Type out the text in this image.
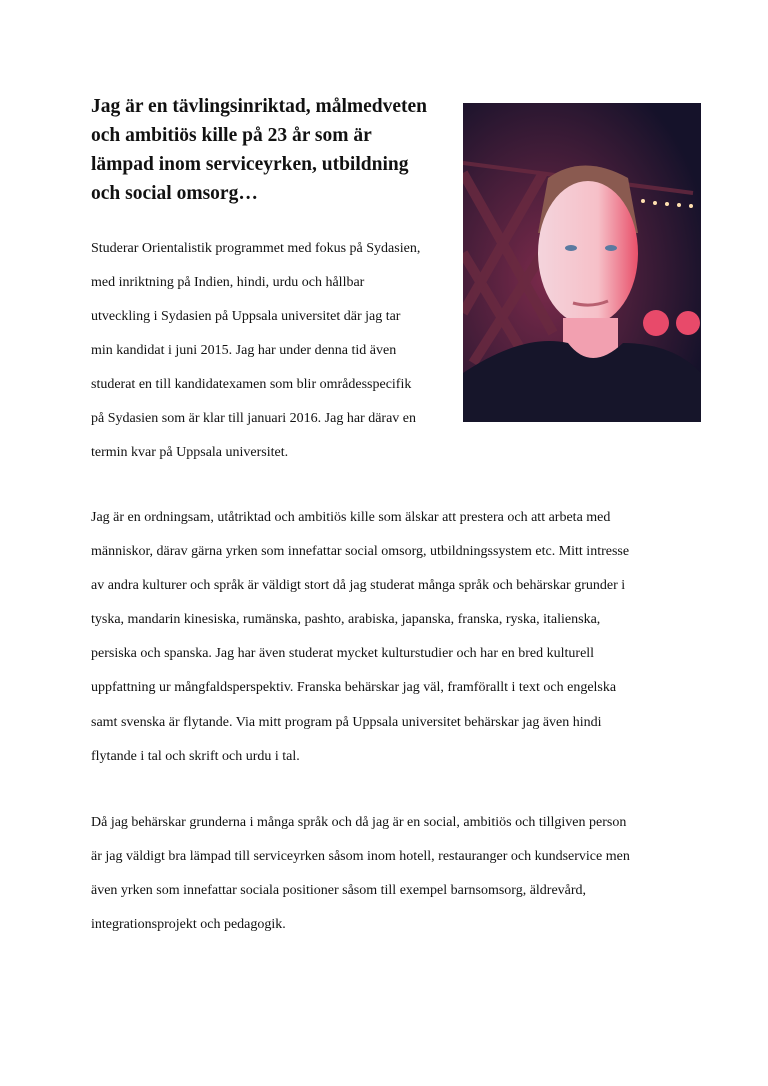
Jag är en tävlingsinriktad, målmedveten
och ambitiös kille på 23 år som är
lämpad inom serviceyrken, utbildning
och social omsorg…
Studerar Orientalistik programmet med fokus på Sydasien,
med inriktning på Indien, hindi, urdu och hållbar
utveckling i Sydasien på Uppsala universitet där jag tar
min kandidat i juni 2015. Jag har under denna tid även
studerat en till kandidatexamen som blir områdesspecifik
på Sydasien som är klar till januari 2016. Jag har därav en
termin kvar på Uppsala universitet.
Jag är en ordningsam, utåtriktad och ambitiös kille som älskar att prestera och att arbeta med
människor, därav gärna yrken som innefattar social omsorg, utbildningssystem etc. Mitt intresse
av andra kulturer och språk är väldigt stort då jag studerat många språk och behärskar grunder i
tyska, mandarin kinesiska, rumänska, pashto, arabiska, japanska, franska, ryska, italienska,
persiska och spanska. Jag har även studerat mycket kulturstudier och har en bred kulturell
uppfattning ur mångfaldsperspektiv. Franska behärskar jag väl, framförallt i text och engelska
samt svenska är flytande. Via mitt program på Uppsala universitet behärskar jag även hindi
flytande i tal och skrift och urdu i tal.
Då jag behärskar grunderna i många språk och då jag är en social, ambitiös och tillgiven person
är jag väldigt bra lämpad till serviceyrken såsom inom hotell, restauranger och kundservice men
även yrken som innefattar sociala positioner såsom till exempel barnsomsorg, äldrevård,
integrationsprojekt och pedagogik.
